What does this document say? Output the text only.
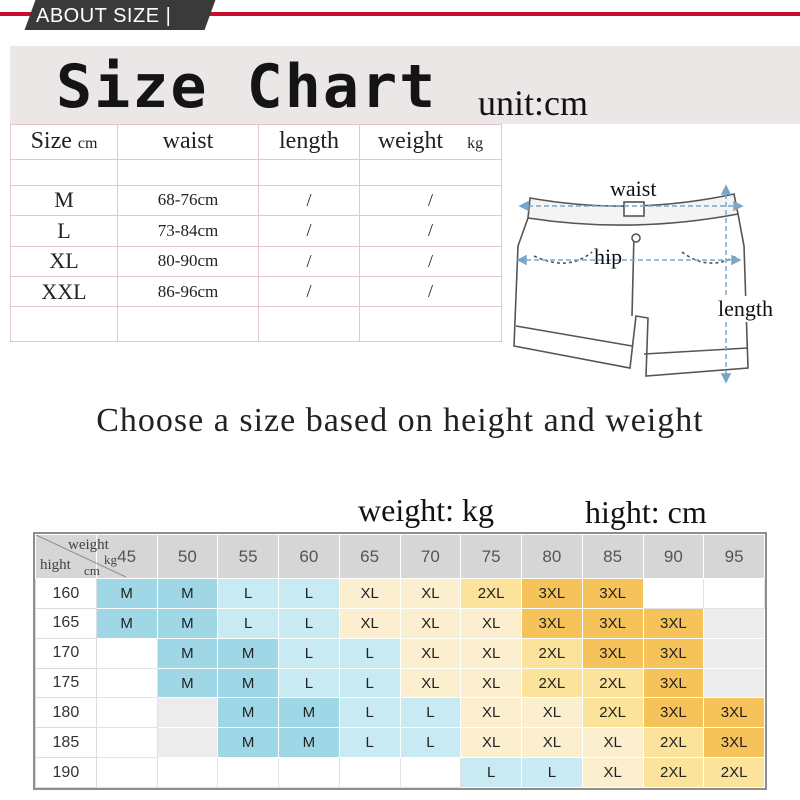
ABOUT SIZE |
Size Chart unit:cm
Size cm	waist	length	weight kg

M	68-76cm	/	/
L	73-84cm	/	/
XL	80-90cm	/	/
XXL	86-96cm	/	/

waist
hip
length
Choose a size based on height and weight
weight: kg	hight: cm
weight
kg
hight cm	45	50	55	60	65	70	75	80	85	90	95
160	M	M	L	L	XL	XL	2XL	3XL	3XL		
165	M	M	L	L	XL	XL	XL	3XL	3XL	3XL	
170		M	M	L	L	XL	XL	2XL	3XL	3XL	
175		M	M	L	L	XL	XL	2XL	2XL	3XL	
180			M	M	L	L	XL	XL	2XL	3XL	3XL
185			M	M	L	L	XL	XL	XL	2XL	3XL
190							L	L	XL	2XL	2XL
